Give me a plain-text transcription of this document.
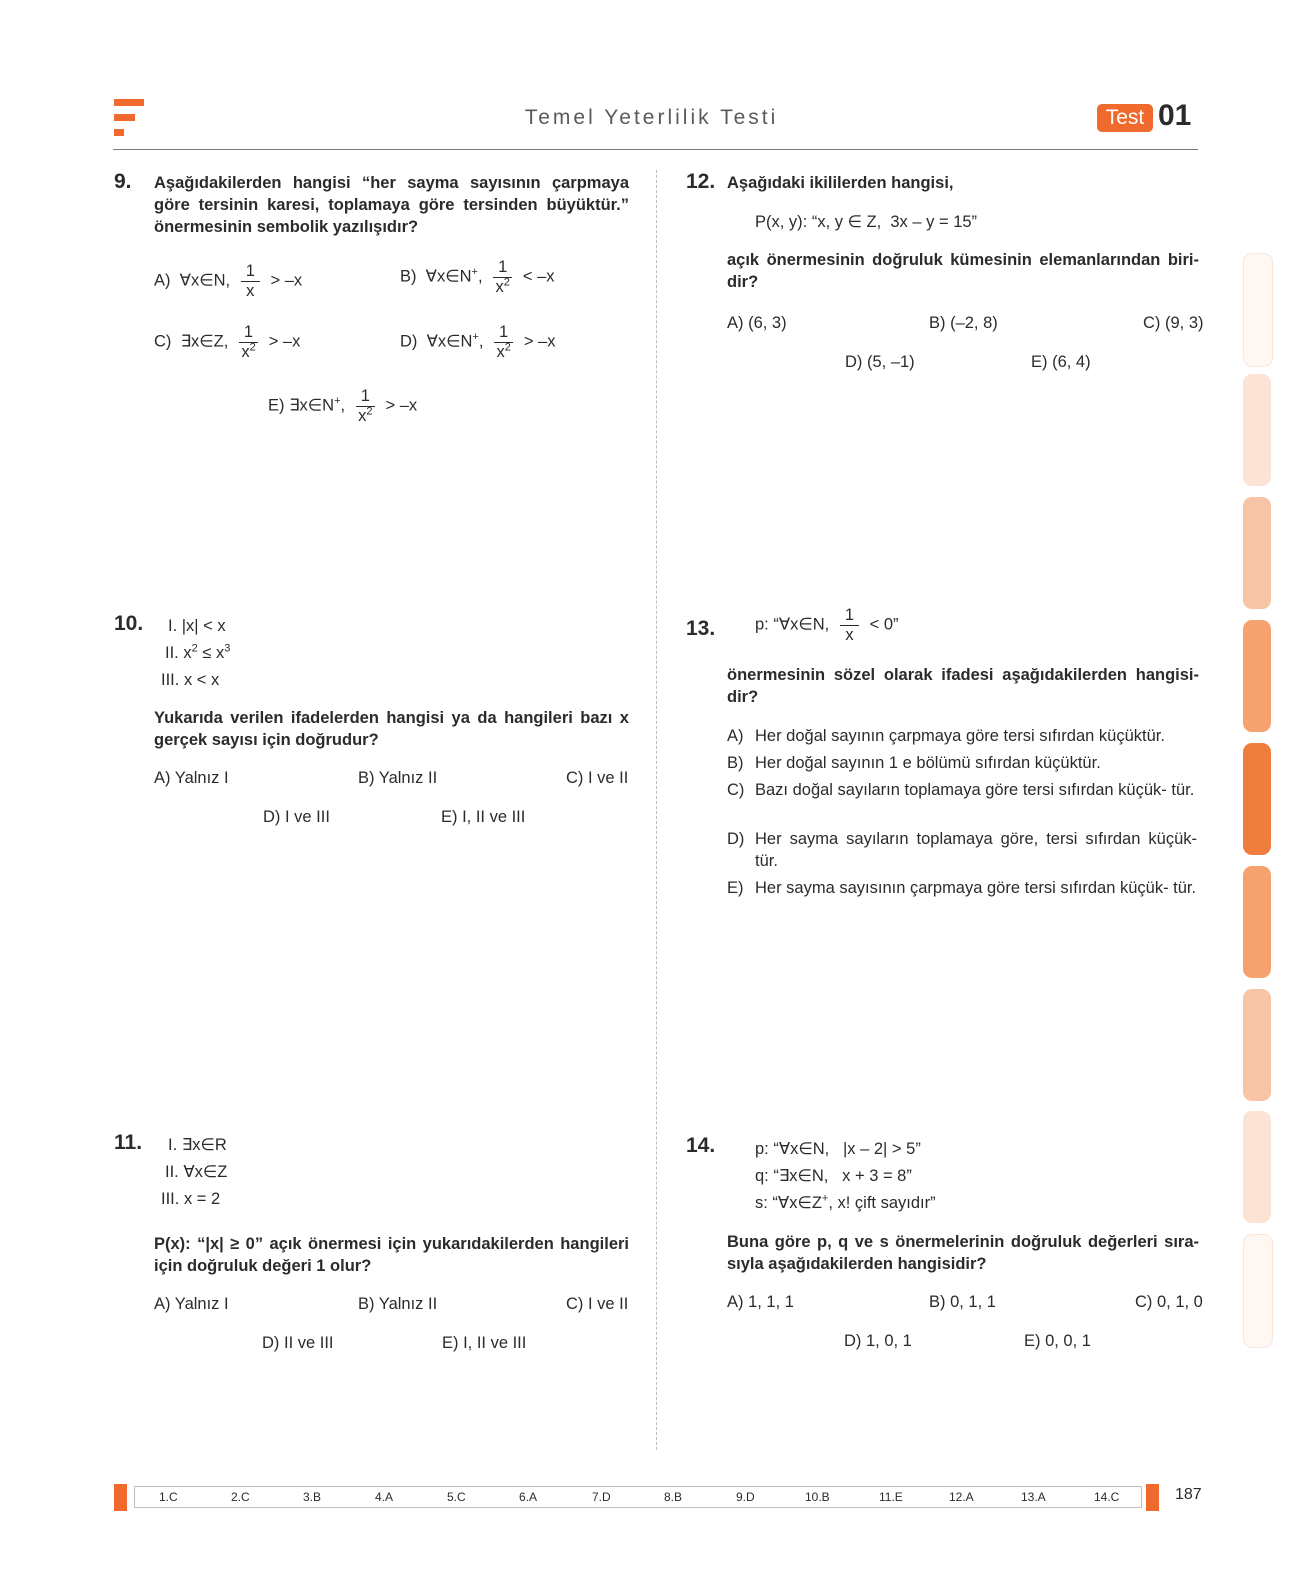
Temel Yeterlilik Testi	Test 01
9. Aşağıdakilerden hangisi “her sayma sayısının çarpmaya göre tersinin karesi, toplamaya göre tersinden büyüktür.” önermesinin sembolik yazılışıdır?
A) ∀x∈N, $\frac{1}{x} > -x$	B) ∀x∈N+, $\frac{1}{x^2} < -x$
C) ∃x∈Z, $\frac{1}{x^2} > -x$	D) ∀x∈N+, $\frac{1}{x^2} > -x$
E) ∃x∈N+, $\frac{1}{x^2} > -x$
10. I. |x| < x
II. $x^2 \le x^3$
III. x < x
Yukarıda verilen ifadelerden hangisi ya da hangileri bazı x gerçek sayısı için doğrudur?
A) Yalnız I	B) Yalnız II	C) I ve II
D) I ve III	E) I, II ve III
11. I. ∃x∈R
II. ∀x∈Z
III. x = 2
P(x): “|x| ≥ 0” açık önermesi için yukarıdakilerden hangileri için doğruluk değeri 1 olur?
A) Yalnız I	B) Yalnız II	C) I ve II
D) II ve III	E) I, II ve III
12. Aşağıdaki ikililerden hangisi,
P(x, y): “x, y ∈ Z,  3x – y = 15”
açık önermesinin doğruluk kümesinin elemanlarından biri- dir?
A) (6, 3)	B) (–2, 8)	C) (9, 3)
D) (5, –1)	E) (6, 4)
13. p: “∀x∈N, $\frac{1}{x} < 0$”
önermesinin sözel olarak ifadesi aşağıdakilerden hangisi- dir?
A) Her doğal sayının çarpmaya göre tersi sıfırdan küçüktür.
B) Her doğal sayının 1 e bölümü sıfırdan küçüktür.
C) Bazı doğal sayıların toplamaya göre tersi sıfırdan küçük- tür.
D) Her sayma sayıların toplamaya göre, tersi sıfırdan küçük- tür.
E) Her sayma sayısının çarpmaya göre tersi sıfırdan küçük- tür.
14. p: “∀x∈N,   |x – 2| > 5”
q: “∃x∈N,   x + 3 = 8”
s: “∀x∈Z+, x! çift sayıdır”
Buna göre p, q ve s önermelerinin doğruluk değerleri sıra- sıyla aşağıdakilerden hangisidir?
A) 1, 1, 1	B) 0, 1, 1	C) 0, 1, 0
D) 1, 0, 1	E) 0, 0, 1
1.C	2.C	3.B	4.A	5.C	6.A	7.D	8.B	9.D	10.B	11.E	12.A	13.A	14.C	187
